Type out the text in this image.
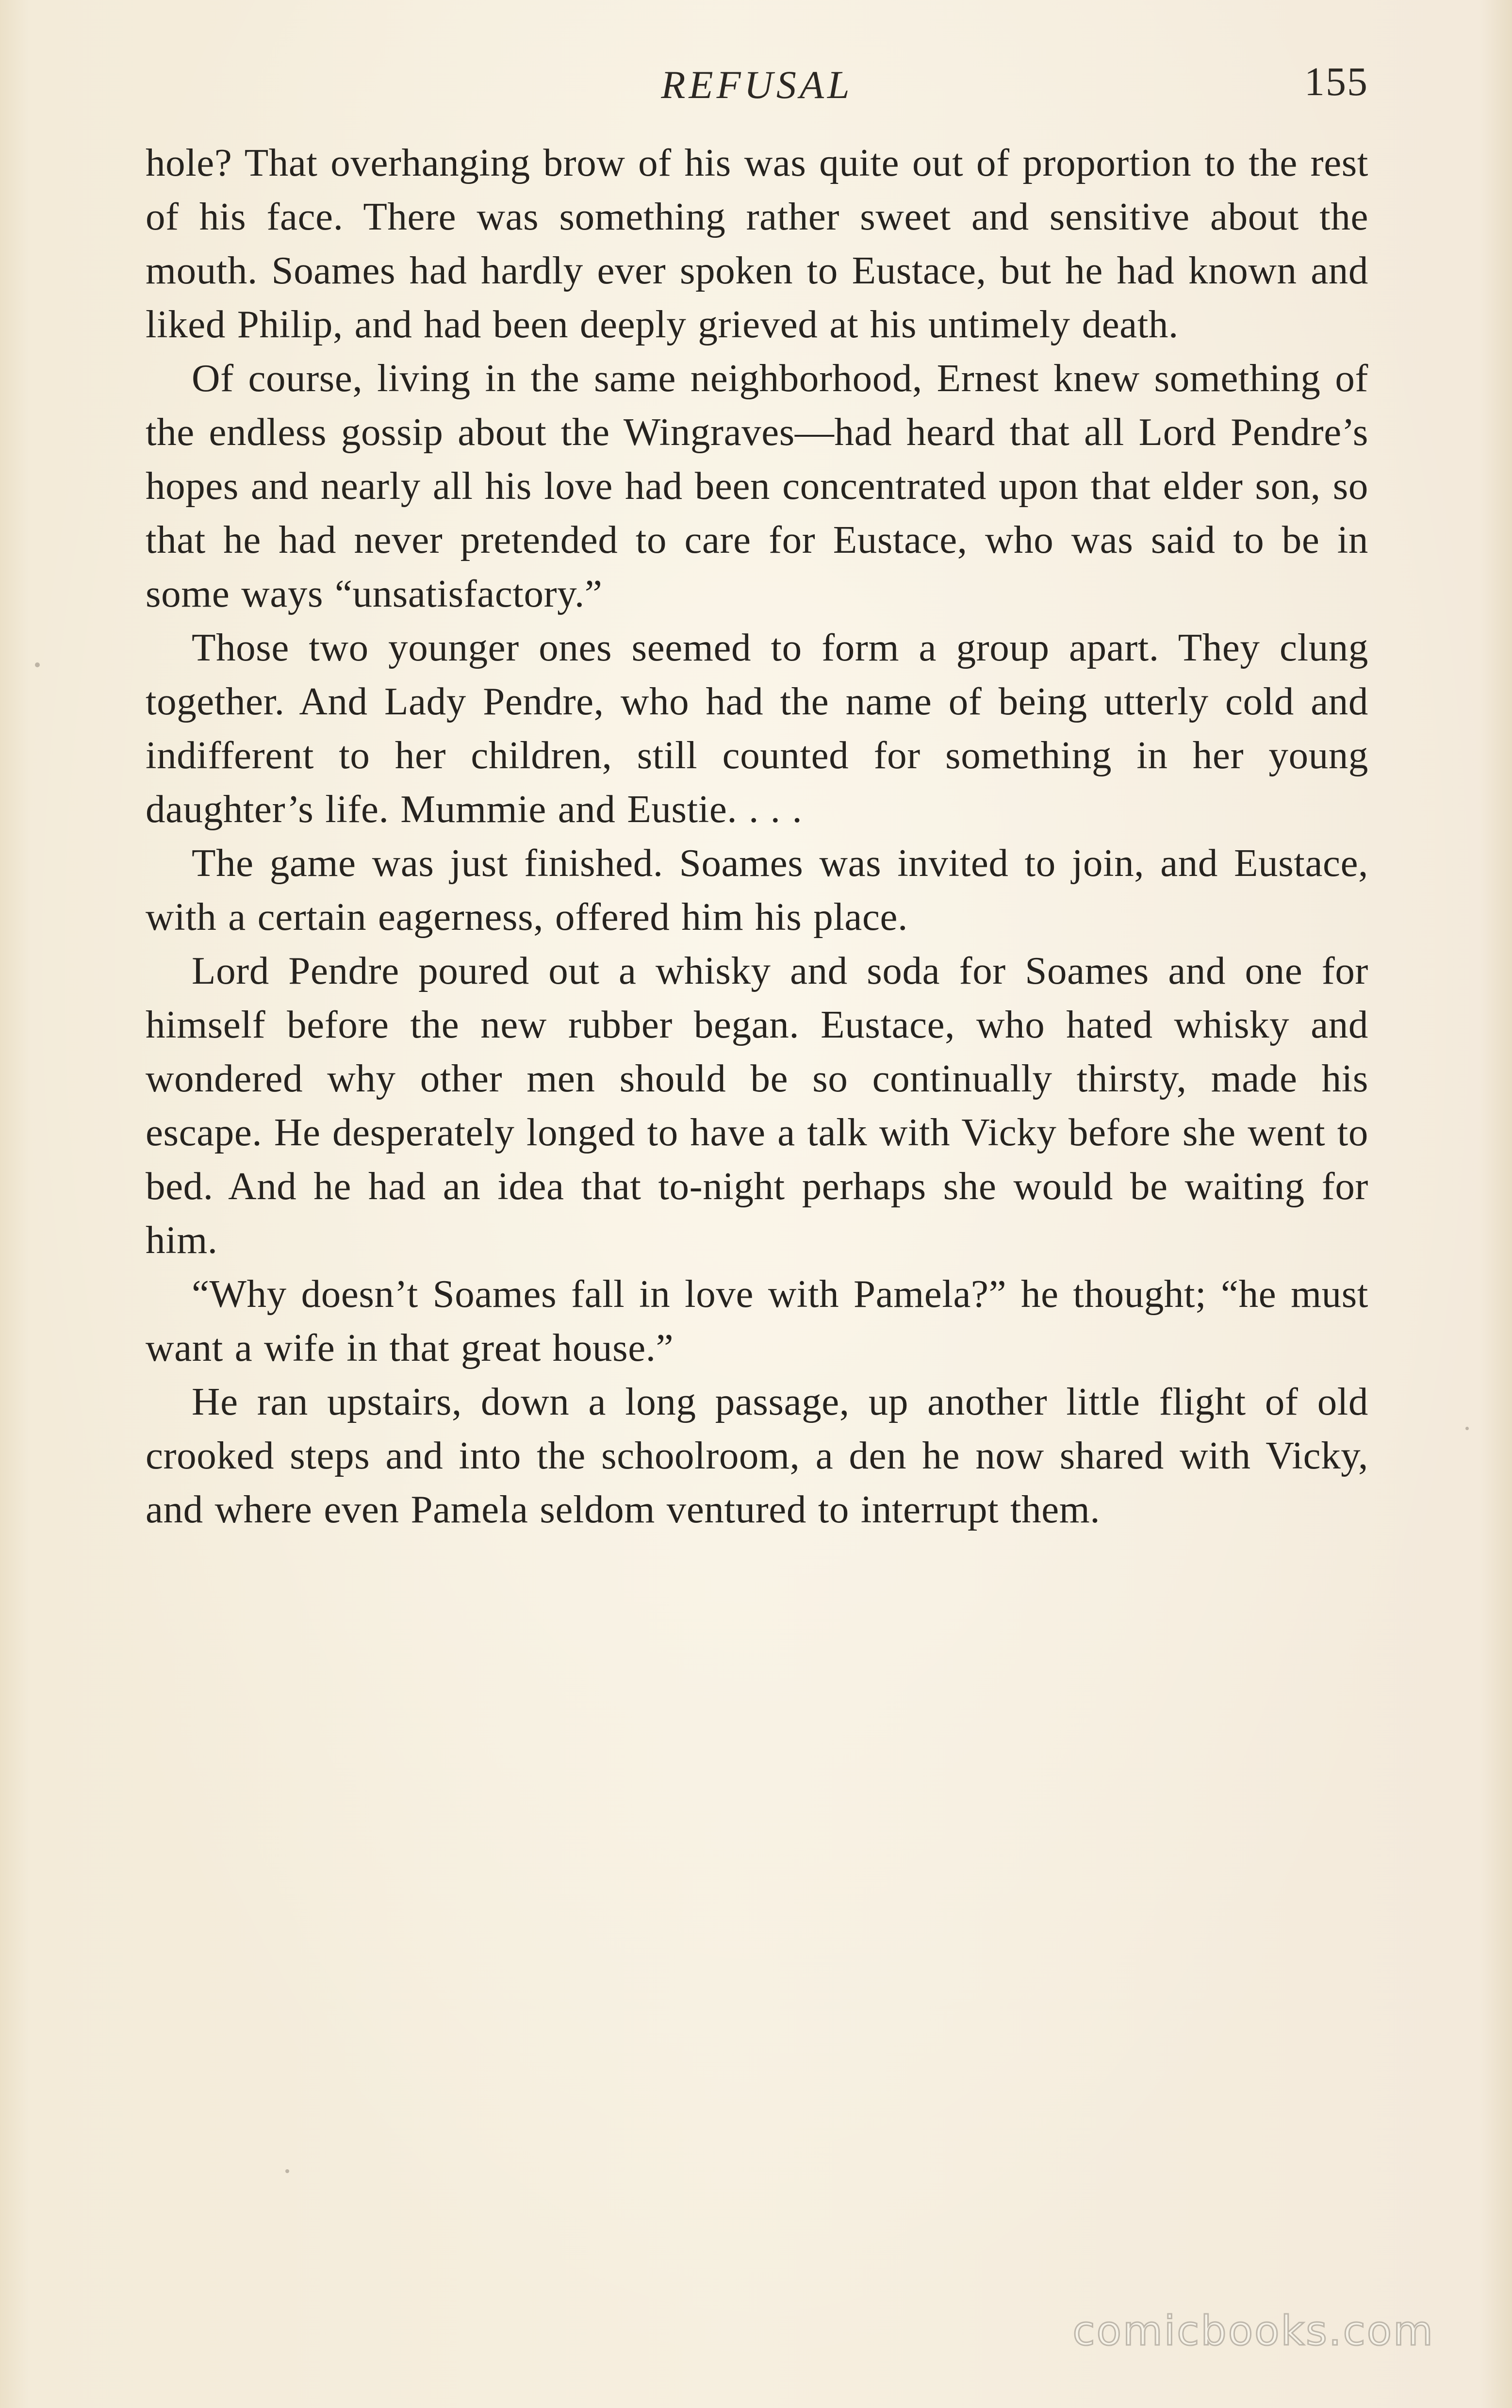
REFUSAL	155

hole? That overhanging brow of his was quite out of proportion to the rest of his face. There was something rather sweet and sensitive about the mouth. Soames had hardly ever spoken to Eustace, but he had known and liked Philip, and had been deeply grieved at his untimely death.

Of course, living in the same neighborhood, Ernest knew something of the endless gossip about the Wingraves—had heard that all Lord Pendre’s hopes and nearly all his love had been concentrated upon that elder son, so that he had never pretended to care for Eustace, who was said to be in some ways “unsatisfactory.”

Those two younger ones seemed to form a group apart. They clung together. And Lady Pendre, who had the name of being utterly cold and indifferent to her children, still counted for something in her young daughter’s life. Mummie and Eustie. . . .

The game was just finished. Soames was invited to join, and Eustace, with a certain eagerness, offered him his place.

Lord Pendre poured out a whisky and soda for Soames and one for himself before the new rubber began. Eustace, who hated whisky and wondered why other men should be so continually thirsty, made his escape. He desperately longed to have a talk with Vicky before she went to bed. And he had an idea that to-night perhaps she would be waiting for him.

“Why doesn’t Soames fall in love with Pamela?” he thought; “he must want a wife in that great house.”

He ran upstairs, down a long passage, up another little flight of old crooked steps and into the schoolroom, a den he now shared with Vicky, and where even Pamela seldom ventured to interrupt them.

comicbooks.com
